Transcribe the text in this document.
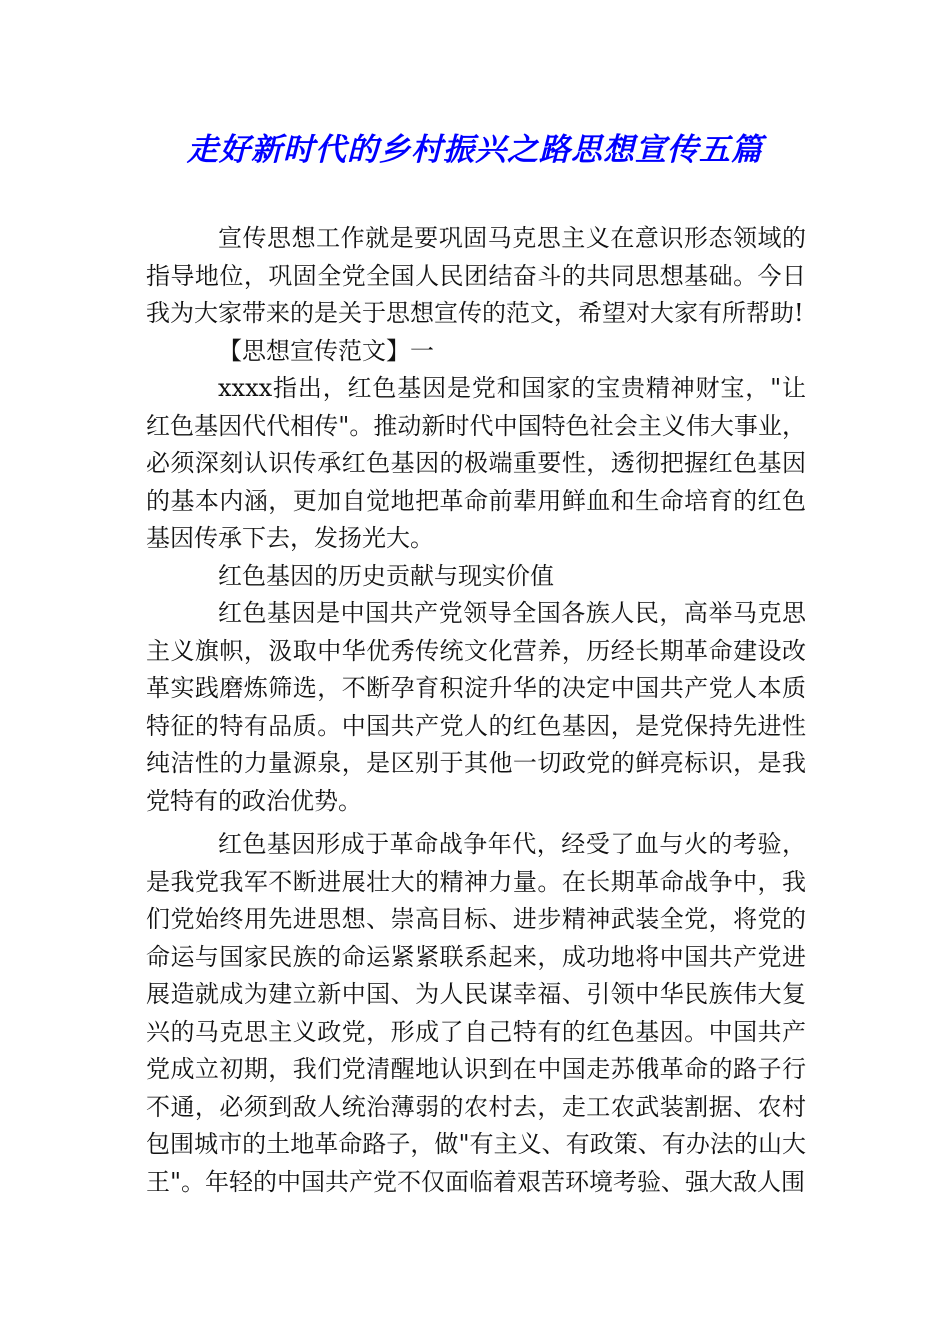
走好新时代的乡村振兴之路思想宣传五篇

宣传思想工作就是要巩固马克思主义在意识形态领域的指导地位，巩固全党全国人民团结奋斗的共同思想基础。今日我为大家带来的是关于思想宣传的范文，希望对大家有所帮助!

【思想宣传范文】一

xxxx指出，红色基因是党和国家的宝贵精神财宝，"让红色基因代代相传"。推动新时代中国特色社会主义伟大事业，必须深刻认识传承红色基因的极端重要性，透彻把握红色基因的基本内涵，更加自觉地把革命前辈用鲜血和生命培育的红色基因传承下去，发扬光大。

红色基因的历史贡献与现实价值

红色基因是中国共产党领导全国各族人民，高举马克思主义旗帜，汲取中华优秀传统文化营养，历经长期革命建设改革实践磨炼筛选，不断孕育积淀升华的决定中国共产党人本质特征的特有品质。中国共产党人的红色基因，是党保持先进性纯洁性的力量源泉，是区别于其他一切政党的鲜亮标识，是我党特有的政治优势。

红色基因形成于革命战争年代，经受了血与火的考验，是我党我军不断进展壮大的精神力量。在长期革命战争中，我们党始终用先进思想、崇高目标、进步精神武装全党，将党的命运与国家民族的命运紧紧联系起来，成功地将中国共产党进展造就成为建立新中国、为人民谋幸福、引领中华民族伟大复兴的马克思主义政党，形成了自己特有的红色基因。中国共产党成立初期，我们党清醒地认识到在中国走苏俄革命的路子行不通，必须到敌人统治薄弱的农村去，走工农武装割据、农村包围城市的土地革命路子，做"有主义、有政策、有办法的山大王"。年轻的中国共产党不仅面临着艰苦环境考验、强大敌人围
